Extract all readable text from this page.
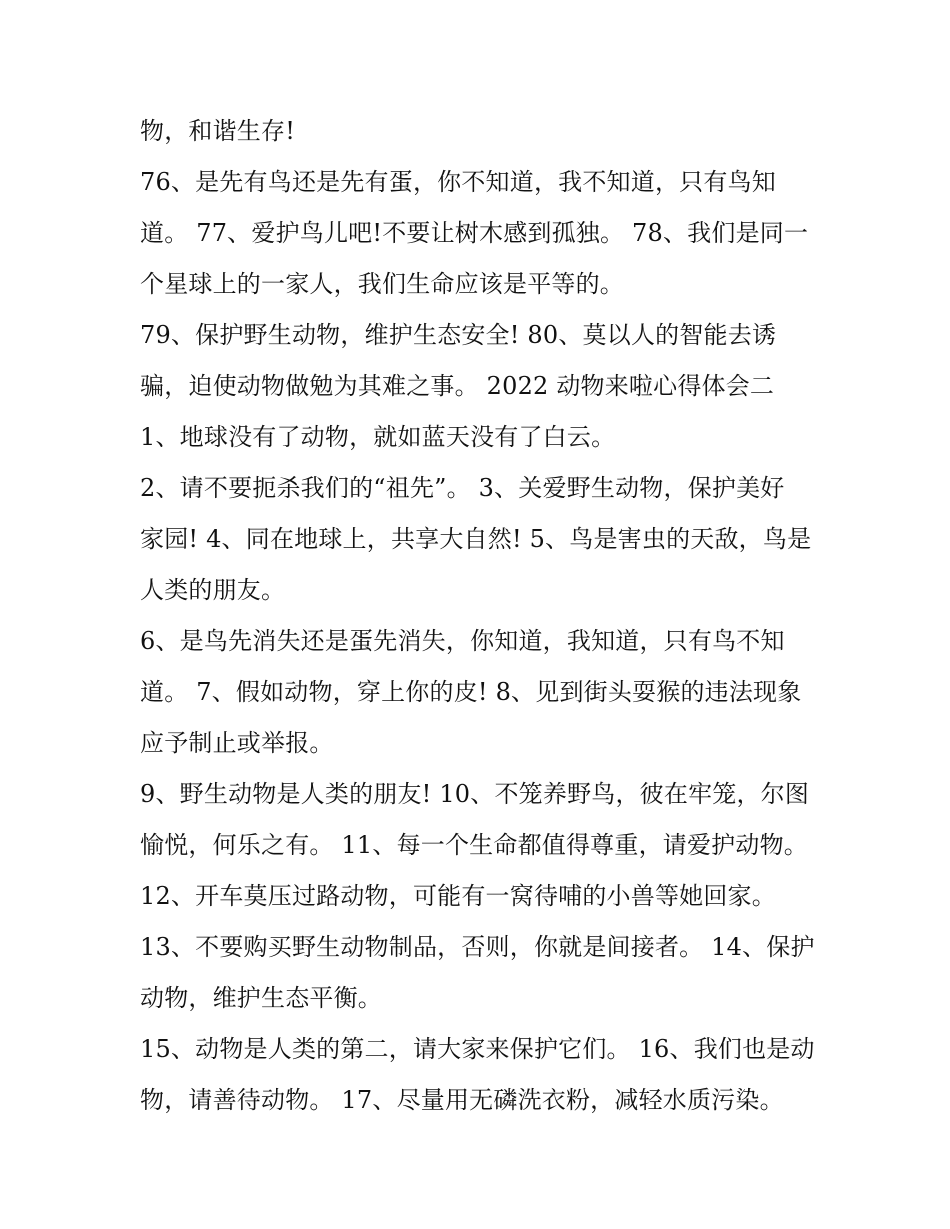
物，和谐生存!
76、是先有鸟还是先有蛋，你不知道，我不知道，只有鸟知
道。 77、爱护鸟儿吧!不要让树木感到孤独。 78、我们是同一
个星球上的一家人，我们生命应该是平等的。
79、保护野生动物，维护生态安全! 80、莫以人的智能去诱
骗，迫使动物做勉为其难之事。 2022 动物来啦心得体会二
1、地球没有了动物，就如蓝天没有了白云。
2、请不要扼杀我们的“祖先”。 3、关爱野生动物，保护美好
家园! 4、同在地球上，共享大自然! 5、鸟是害虫的天敌，鸟是
人类的朋友。
6、是鸟先消失还是蛋先消失，你知道，我知道，只有鸟不知
道。 7、假如动物，穿上你的皮! 8、见到街头耍猴的违法现象
应予制止或举报。
9、野生动物是人类的朋友! 10、不笼养野鸟，彼在牢笼，尔图
愉悦，何乐之有。 11、每一个生命都值得尊重，请爱护动物。
12、开车莫压过路动物，可能有一窝待哺的小兽等她回家。
13、不要购买野生动物制品，否则，你就是间接者。 14、保护
动物，维护生态平衡。
15、动物是人类的第二，请大家来保护它们。 16、我们也是动
物，请善待动物。 17、尽量用无磷洗衣粉，减轻水质污染。
